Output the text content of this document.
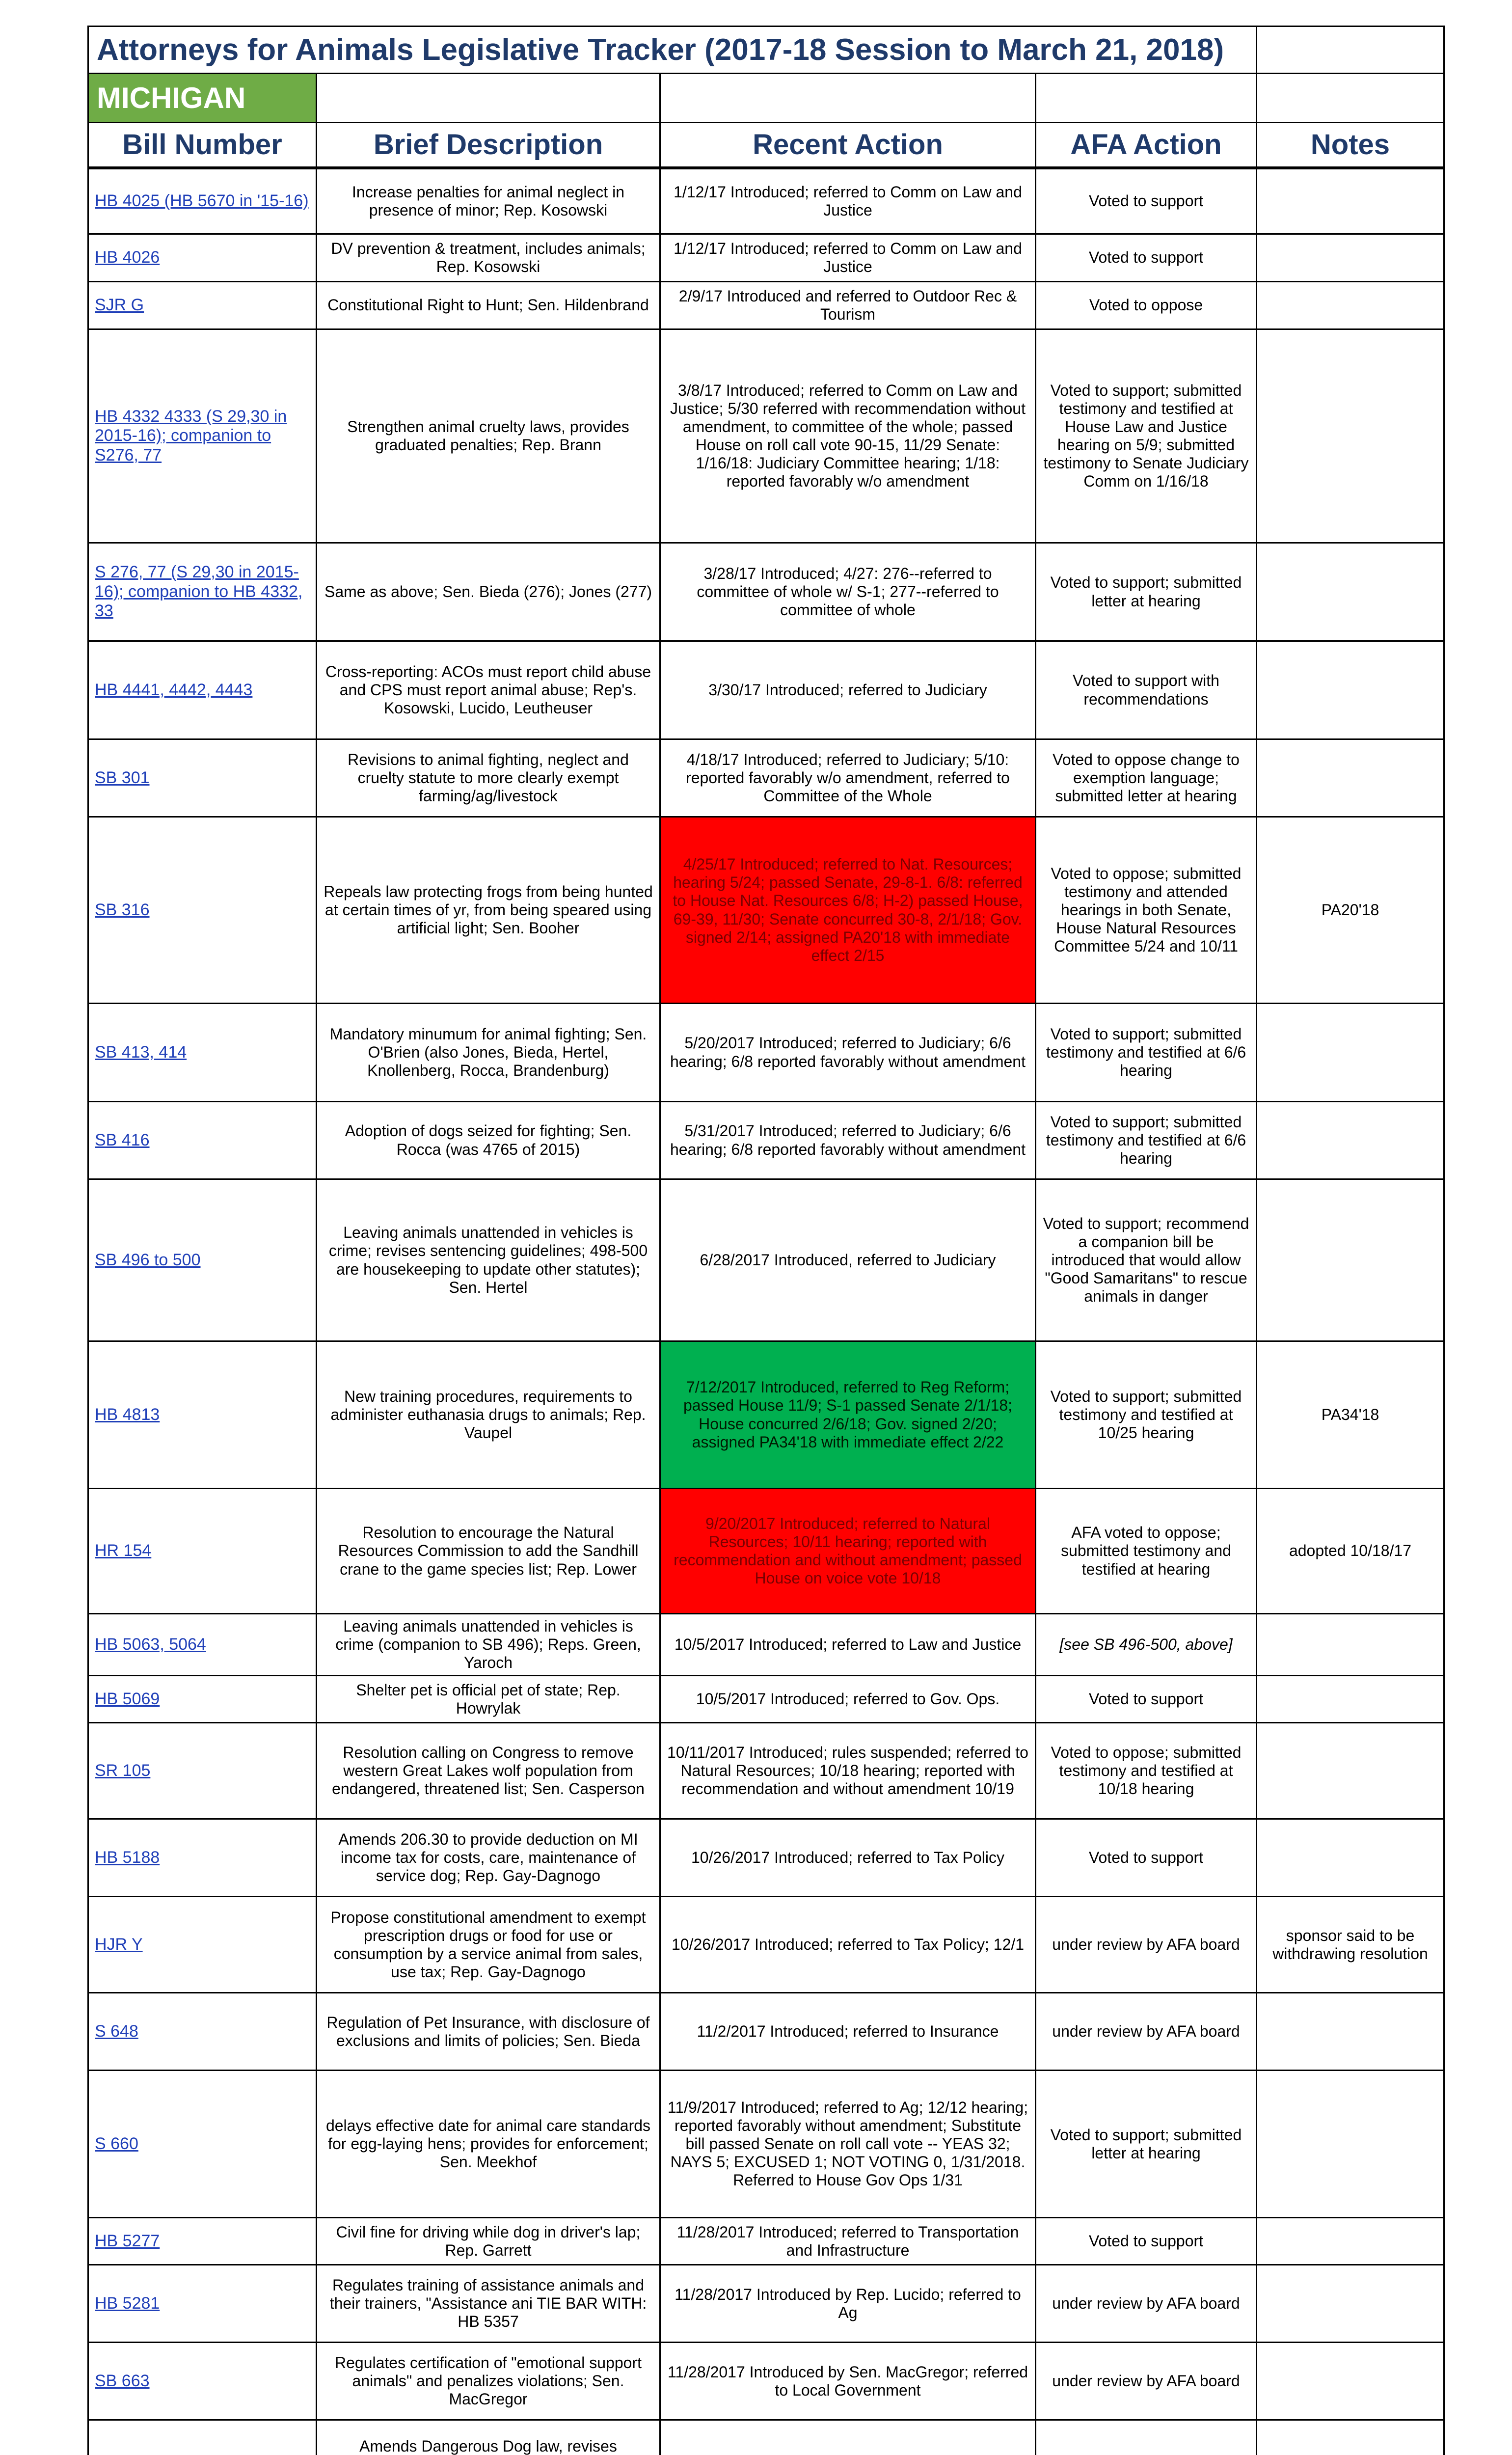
Attorneys for Animals Legislative Tracker (2017-18 Session to March 21, 2018)				
MICHIGAN				
Bill Number	Brief Description	Recent Action	AFA Action	Notes
HB 4025 (HB 5670 in '15-16)	Increase penalties for animal neglect in presence of minor; Rep. Kosowski	1/12/17 Introduced; referred to Comm on Law and Justice	Voted to support	
HB 4026	DV prevention & treatment, includes animals; Rep. Kosowski	1/12/17 Introduced; referred to Comm on Law and Justice	Voted to support	
SJR G	Constitutional Right to Hunt; Sen. Hildenbrand	2/9/17 Introduced and referred to Outdoor Rec & Tourism	Voted to oppose	
HB 4332 4333 (S 29,30 in 2015-16); companion to S276, 77	Strengthen animal cruelty laws, provides graduated penalties; Rep. Brann	3/8/17 Introduced; referred to Comm on Law and Justice; 5/30 referred with recommendation without amendment, to committee of the whole; passed House on roll call vote 90-15, 11/29 Senate: 1/16/18: Judiciary Committee hearing; 1/18: reported favorably w/o amendment	Voted to support; submitted testimony and testified at House Law and Justice hearing on 5/9; submitted testimony to Senate Judiciary Comm on 1/16/18	
S 276, 77 (S 29,30 in 2015-16); companion to HB 4332, 33	Same as above; Sen. Bieda (276); Jones (277)	3/28/17 Introduced; 4/27: 276--referred to committee of whole w/ S-1; 277--referred to committee of whole	Voted to support; submitted letter at hearing	
HB 4441, 4442, 4443	Cross-reporting: ACOs must report child abuse and CPS must report animal abuse; Rep's. Kosowski, Lucido, Leutheuser	3/30/17 Introduced; referred to Judiciary	Voted to support with recommendations	
SB 301	Revisions to animal fighting, neglect and cruelty statute to more clearly exempt farming/ag/livestock	4/18/17 Introduced; referred to Judiciary; 5/10: reported favorably w/o amendment, referred to Committee of the Whole	Voted to oppose change to exemption language; submitted letter at hearing	
SB 316	Repeals law protecting frogs from being hunted at certain times of yr, from being speared using artificial light; Sen. Booher	4/25/17 Introduced; referred to Nat. Resources; hearing 5/24; passed Senate, 29-8-1. 6/8: referred to House Nat. Resources 6/8; H-2) passed House, 69-39, 11/30; Senate concurred 30-8, 2/1/18; Gov. signed 2/14; assigned PA20'18 with immediate effect 2/15	Voted to oppose; submitted testimony and attended hearings in both Senate, House Natural Resources Committee 5/24 and 10/11	PA20'18
SB 413, 414	Mandatory minumum for animal fighting; Sen. O'Brien (also Jones, Bieda, Hertel, Knollenberg, Rocca, Brandenburg)	5/20/2017 Introduced; referred to Judiciary; 6/6 hearing; 6/8 reported favorably without amendment	Voted to support; submitted testimony and testified at 6/6 hearing	
SB 416	Adoption of dogs seized for fighting; Sen. Rocca (was 4765 of 2015)	5/31/2017 Introduced; referred to Judiciary; 6/6 hearing; 6/8 reported favorably without amendment	Voted to support; submitted testimony and testified at 6/6 hearing	
SB 496 to 500	Leaving animals unattended in vehicles is crime; revises sentencing guidelines; 498-500 are housekeeping to update other statutes); Sen. Hertel	6/28/2017 Introduced, referred to Judiciary	Voted to support; recommend a companion bill be introduced that would allow "Good Samaritans" to rescue animals in danger	
HB 4813	New training procedures, requirements to administer euthanasia drugs to animals; Rep. Vaupel	7/12/2017 Introduced, referred to Reg Reform; passed House 11/9; S-1 passed Senate 2/1/18; House concurred 2/6/18; Gov. signed 2/20; assigned PA34'18 with immediate effect 2/22	Voted to support; submitted testimony and testified at 10/25 hearing	PA34'18
HR 154	Resolution to encourage the Natural Resources Commission to add the Sandhill crane to the game species list; Rep. Lower	9/20/2017 Introduced; referred to Natural Resources; 10/11 hearing; reported with recommendation and without amendment; passed House on voice vote 10/18	AFA voted to oppose; submitted testimony and testified at hearing	adopted 10/18/17
HB 5063, 5064	Leaving animals unattended in vehicles is crime (companion to SB 496); Reps. Green, Yaroch	10/5/2017 Introduced; referred to Law and Justice	[see SB 496-500, above]	
HB 5069	Shelter pet is official pet of state; Rep. Howrylak	10/5/2017 Introduced; referred to Gov. Ops.	Voted to support	
SR 105	Resolution calling on Congress to remove western Great Lakes wolf population from endangered, threatened list; Sen. Casperson	10/11/2017 Introduced; rules suspended; referred to Natural Resources; 10/18 hearing; reported with recommendation and without amendment 10/19	Voted to oppose; submitted testimony and testified at 10/18 hearing	
HB 5188	Amends 206.30 to provide deduction on MI income tax for costs, care, maintenance of service dog; Rep. Gay-Dagnogo	10/26/2017 Introduced; referred to Tax Policy	Voted to support	
HJR Y	Propose constitutional amendment to exempt prescription drugs or food for use or consumption by a service animal from sales, use tax; Rep. Gay-Dagnogo	10/26/2017 Introduced; referred to Tax Policy; 12/1	under review by AFA board	sponsor said to be withdrawing resolution
S 648	Regulation of Pet Insurance, with disclosure of exclusions and limits of policies; Sen. Bieda	11/2/2017 Introduced; referred to Insurance	under review by AFA board	
S 660	delays effective date for animal care standards for egg-laying hens; provides for enforcement; Sen. Meekhof	11/9/2017 Introduced; referred to Ag; 12/12 hearing; reported favorably without amendment; Substitute bill passed Senate on roll call vote -- YEAS 32; NAYS 5; EXCUSED 1; NOT VOTING 0, 1/31/2018. Referred to House Gov Ops 1/31	Voted to support; submitted letter at hearing	
HB 5277	Civil fine for driving while dog in driver's lap; Rep. Garrett	11/28/2017 Introduced; referred to Transportation and Infrastructure	Voted to support	
HB 5281	Regulates training of assistance animals and their trainers, "Assistance ani TIE BAR WITH: HB 5357	11/28/2017 Introduced by Rep. Lucido; referred to Ag	under review by AFA board	
SB 663	Regulates certification of "emotional support animals" and penalizes violations; Sen. MacGregor	11/28/2017 Introduced by Sen. MacGregor; referred to Local Government	under review by AFA board	
	Amends Dangerous Dog law, revises			
